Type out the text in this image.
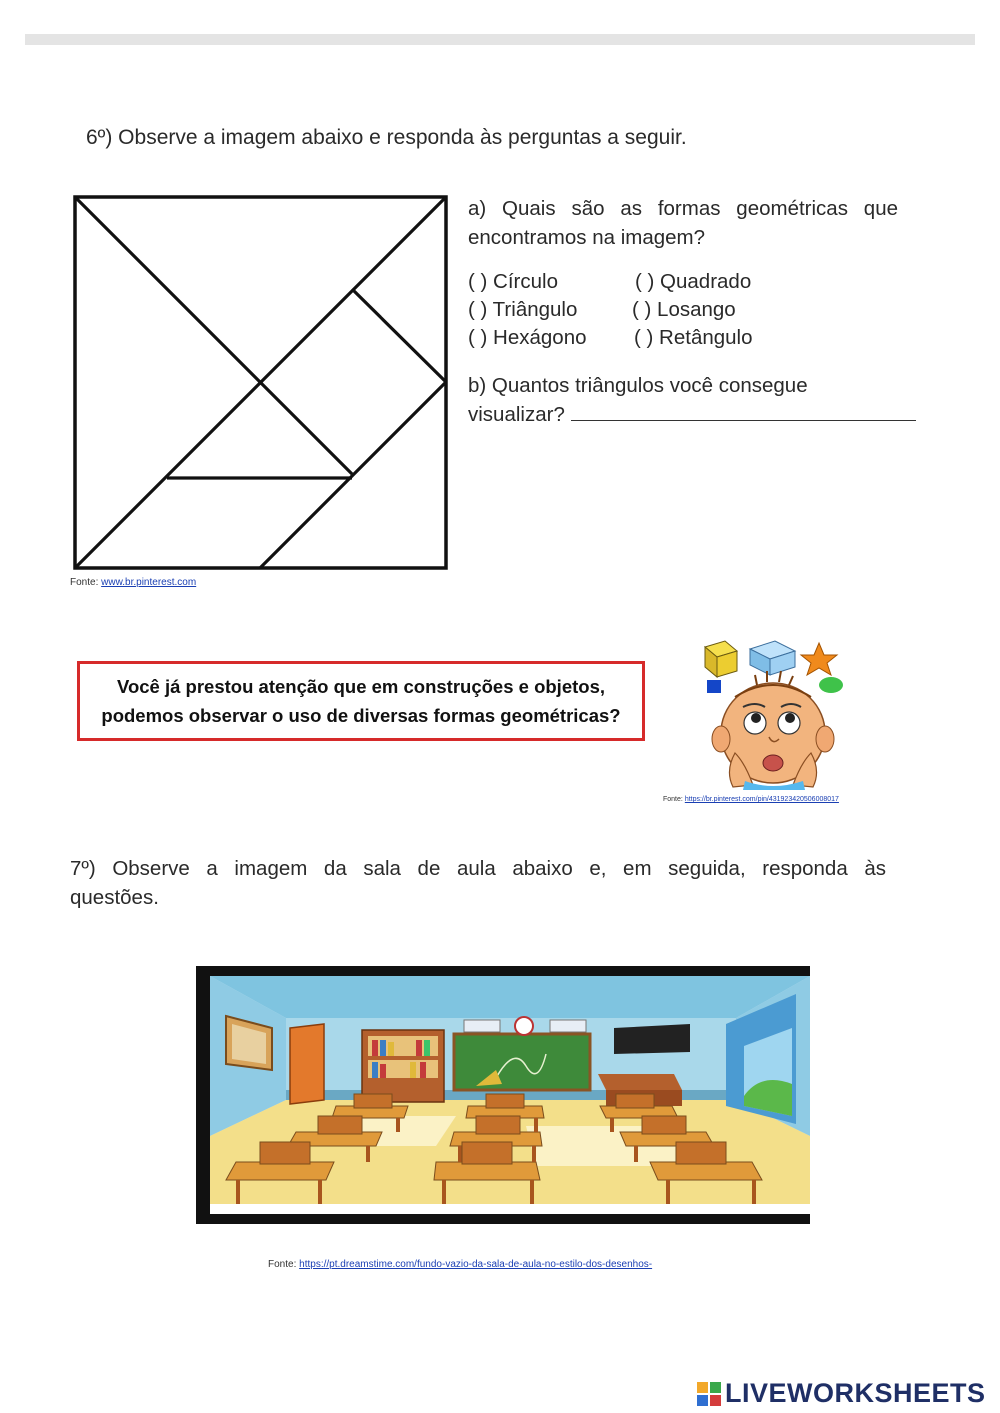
6º) Observe a imagem abaixo e responda às perguntas a seguir.
Fonte: www.br.pinterest.com
a) Quais são as formas geométricas que
encontramos na imagem?
( ) Círculo	( ) Quadrado
( ) Triângulo	( ) Losango
( ) Hexágono ( ) Retângulo
b) Quantos triângulos você consegue
visualizar?
Você já prestou atenção que em construções e objetos,
podemos observar o uso de diversas formas geométricas?
Fonte: https://br.pinterest.com/pin/431923420506008017
7º) Observe a imagem da sala de aula abaixo e, em seguida, responda às
questões.
Fonte: https://pt.dreamstime.com/fundo-vazio-da-sala-de-aula-no-estilo-dos-desenhos-
LIVEWORKSHEETS
